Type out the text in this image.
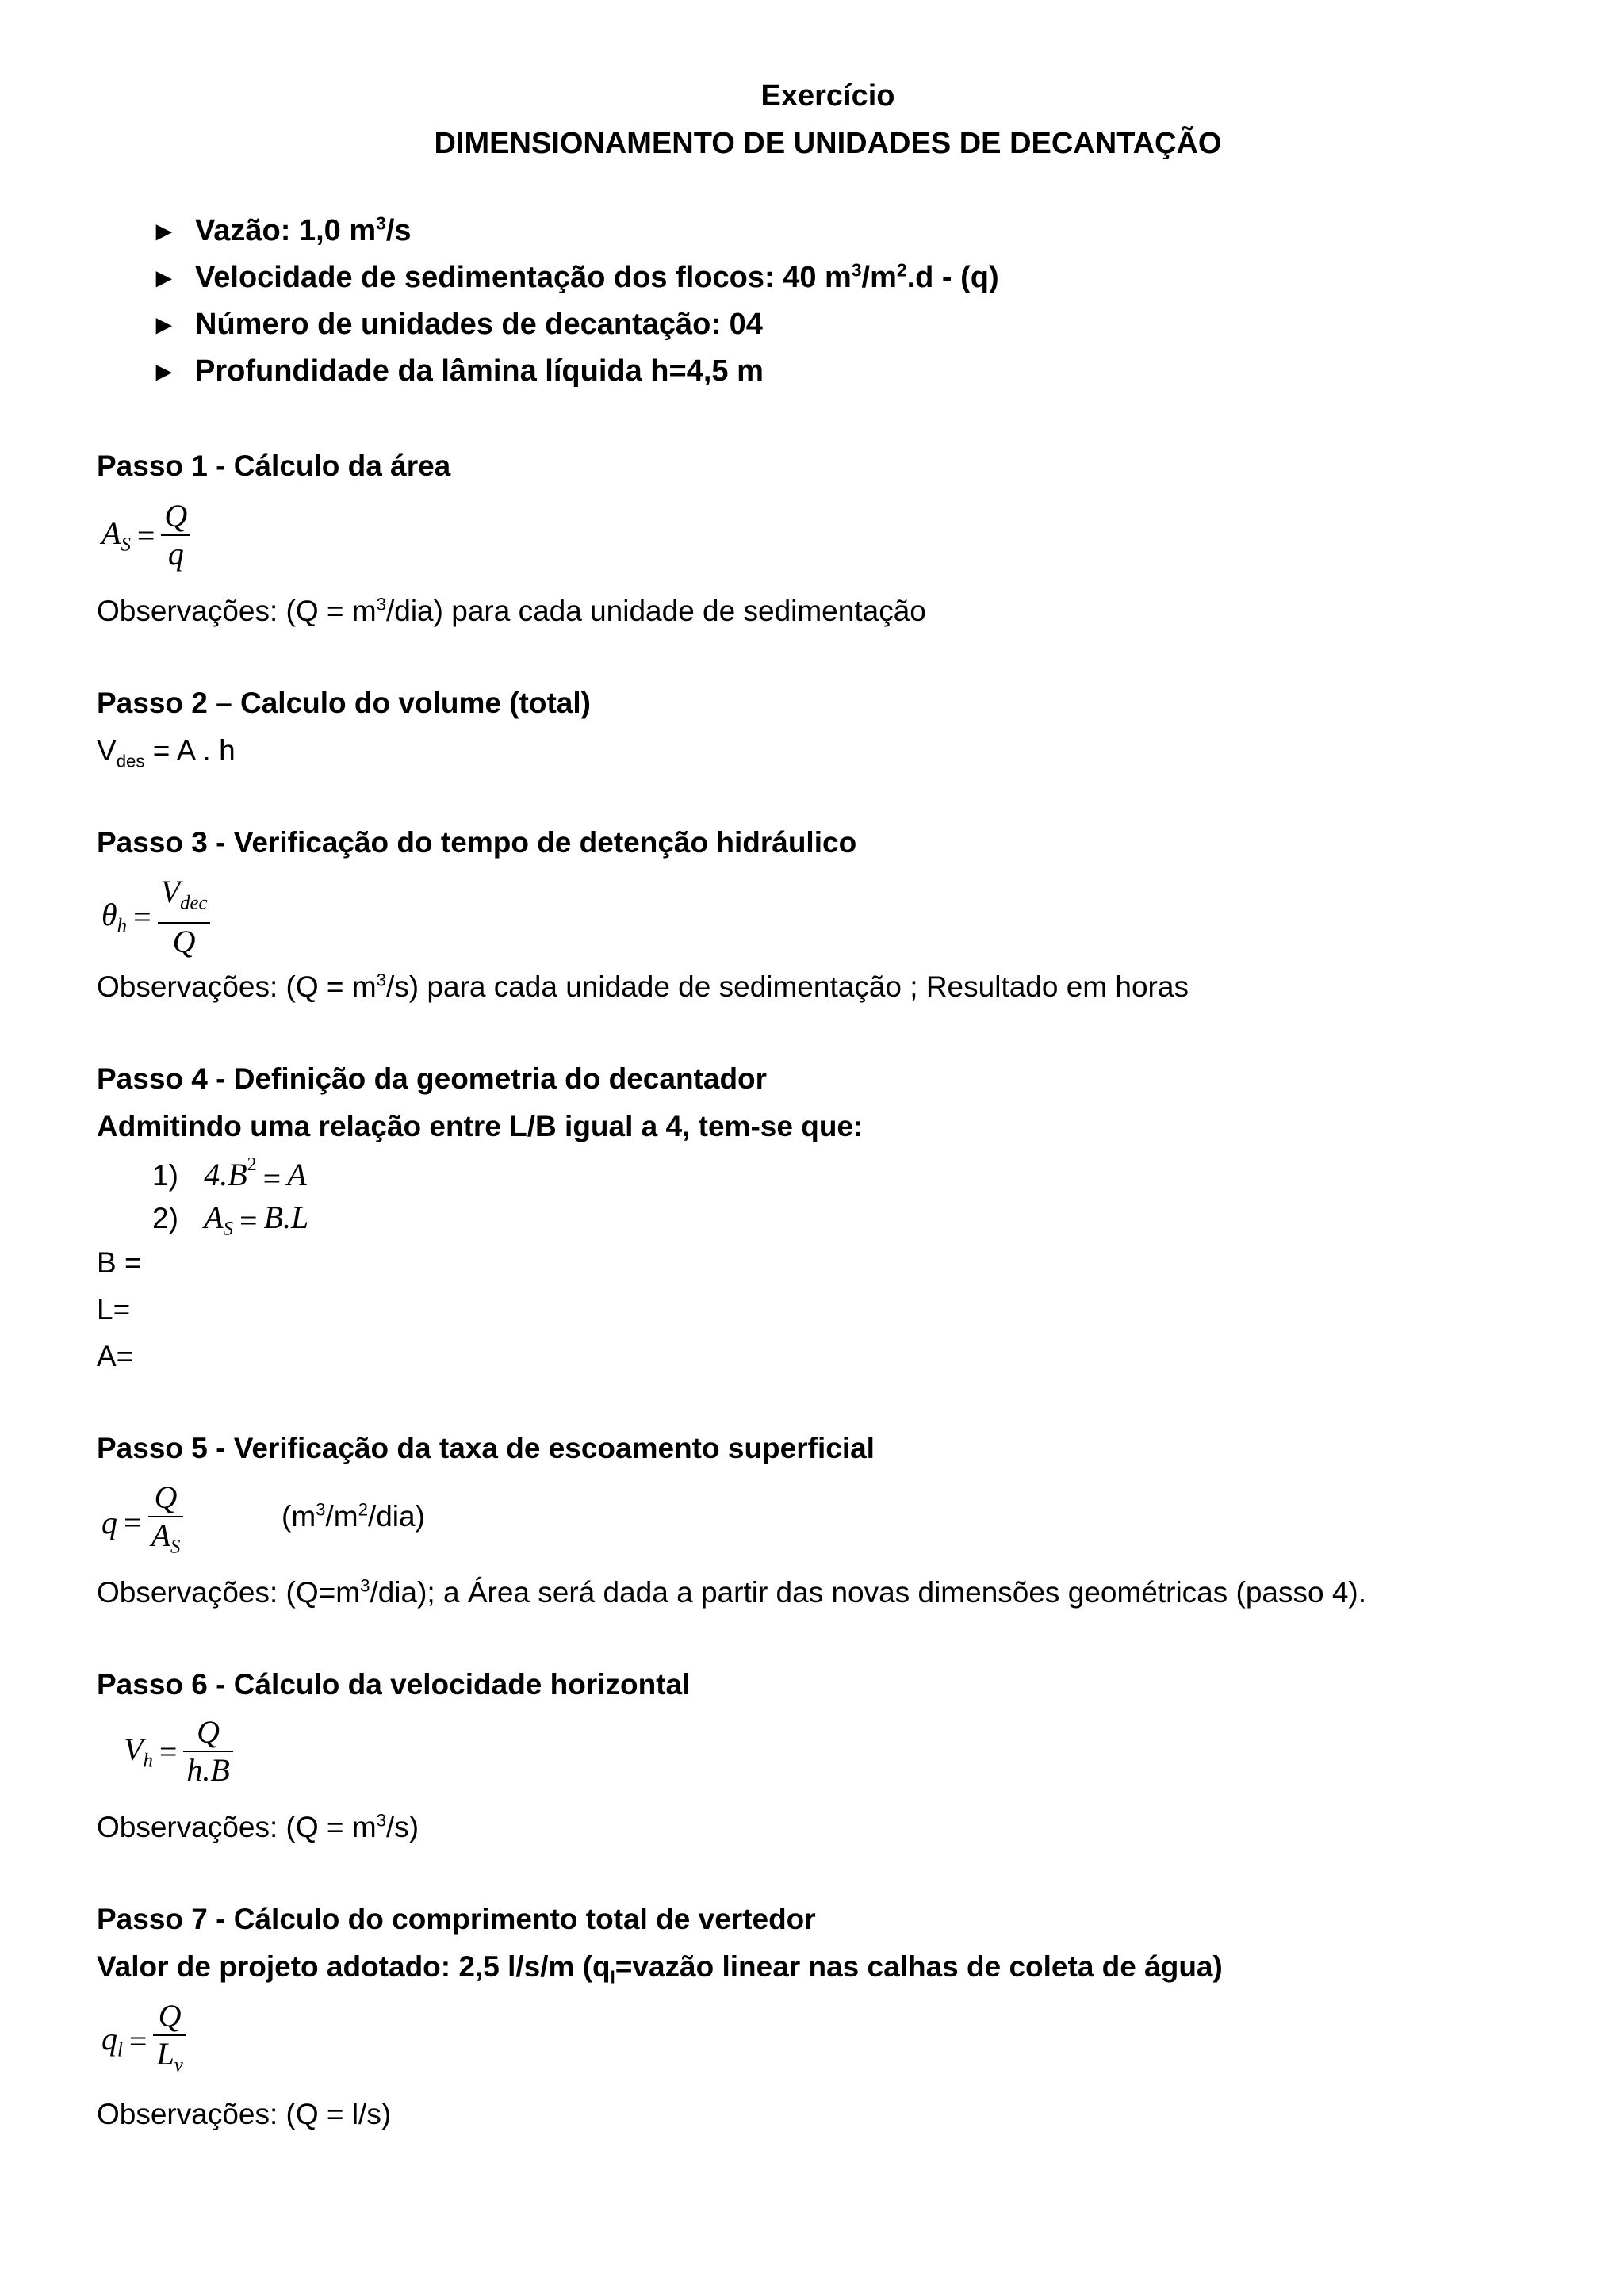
Exercício
DIMENSIONAMENTO DE UNIDADES DE DECANTAÇÃO
► Vazão: 1,0 $m^3/s$
► Velocidade de sedimentação dos flocos: 40 $m^3/m^2.d - (q)$
► Número de unidades de decantação: 04
► Profundidade da lâmina líquida h=4,5 m
Passo 1 - Cálculo da área
$A_S = \frac{Q}{q}$
Observações: $(Q = m^3/dia)$ para cada unidade de sedimentação
Passo 2 – Calculo do volume (total)
$V_{des} = A$ . h
Passo 3 - Verificação do tempo de detenção hidráulico
$\theta_h = \frac{V_{dec}}{Q}$
Observações: $(Q = m^3/s)$ para cada unidade de sedimentação ; Resultado em horas
Passo 4 - Definição da geometria do decantador
Admitindo uma relação entre L/B igual a 4, tem-se que:
1) $4.B^2 = A$
2) $A_S = B.L$
B =
L=
A=
Passo 5 - Verificação da taxa de escoamento superficial
$q = \frac{Q}{A_S}$	$(m^3/m^2/dia)$
Observações: $(Q=m^3/dia)$; a Área será dada a partir das novas dimensões geométricas (passo 4).
Passo 6 - Cálculo da velocidade horizontal
$V_h = \frac{Q}{h.B}$
Observações: $(Q = m^3/s)$
Passo 7 - Cálculo do comprimento total de vertedor
Valor de projeto adotado: 2,5 l/s/m ($q_l=vazão$ linear nas calhas de coleta de água)
$q_l = \frac{Q}{L_v}$
Observações: (Q = l/s)
